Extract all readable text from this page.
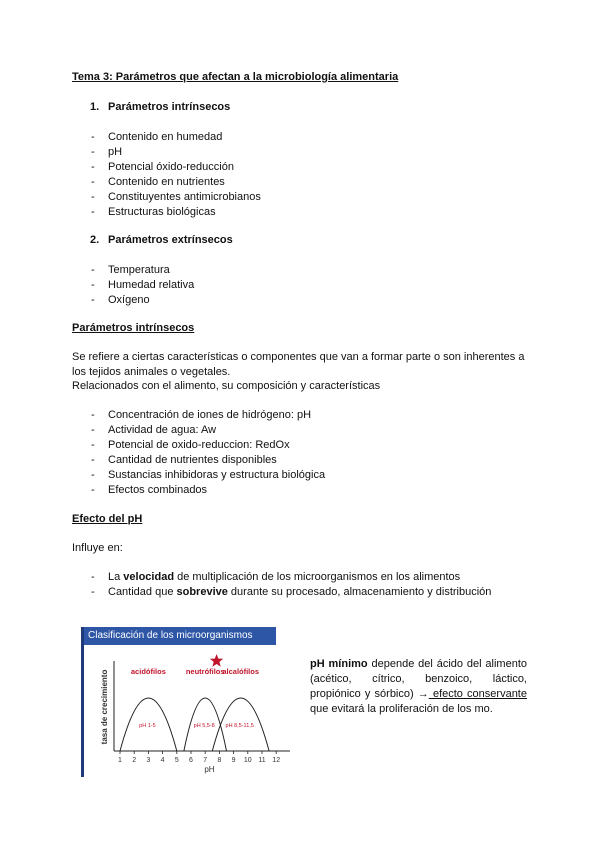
Tema 3: Parámetros que afectan a la microbiología alimentaria
1. Parámetros intrínsecos
- Contenido en humedad
- pH
- Potencial óxido-reducción
- Contenido en nutrientes
- Constituyentes antimicrobianos
- Estructuras biológicas
2. Parámetros extrínsecos
- Temperatura
- Humedad relativa
- Oxígeno
Parámetros intrínsecos
Se refiere a ciertas características o componentes que van a formar parte o son inherentes a los tejidos animales o vegetales.
Relacionados con el alimento, su composición y características
- Concentración de iones de hidrógeno: pH
- Actividad de agua: Aw
- Potencial de oxido-reduccion: RedOx
- Cantidad de nutrientes disponibles
- Sustancias inhibidoras y estructura biológica
- Efectos combinados
Efecto del pH
Influye en:
- La velocidad de multiplicación de los microorganismos en los alimentos
- Cantidad que sobrevive durante su procesado, almacenamiento y distribución
Clasificación de los microorganismos
tasa de crecimiento
1 2 3 4 5 6 7 8 9 10 11 12
pH
acidófilos
pH 1-5
neutrófilos
pH 5,5-8
alcalófilos
pH 8,5-11,5
pH mínimo depende del ácido del alimento (acético, cítrico, benzoico, láctico, propiónico y sórbico) → efecto conservante que evitará la proliferación de los mo.
